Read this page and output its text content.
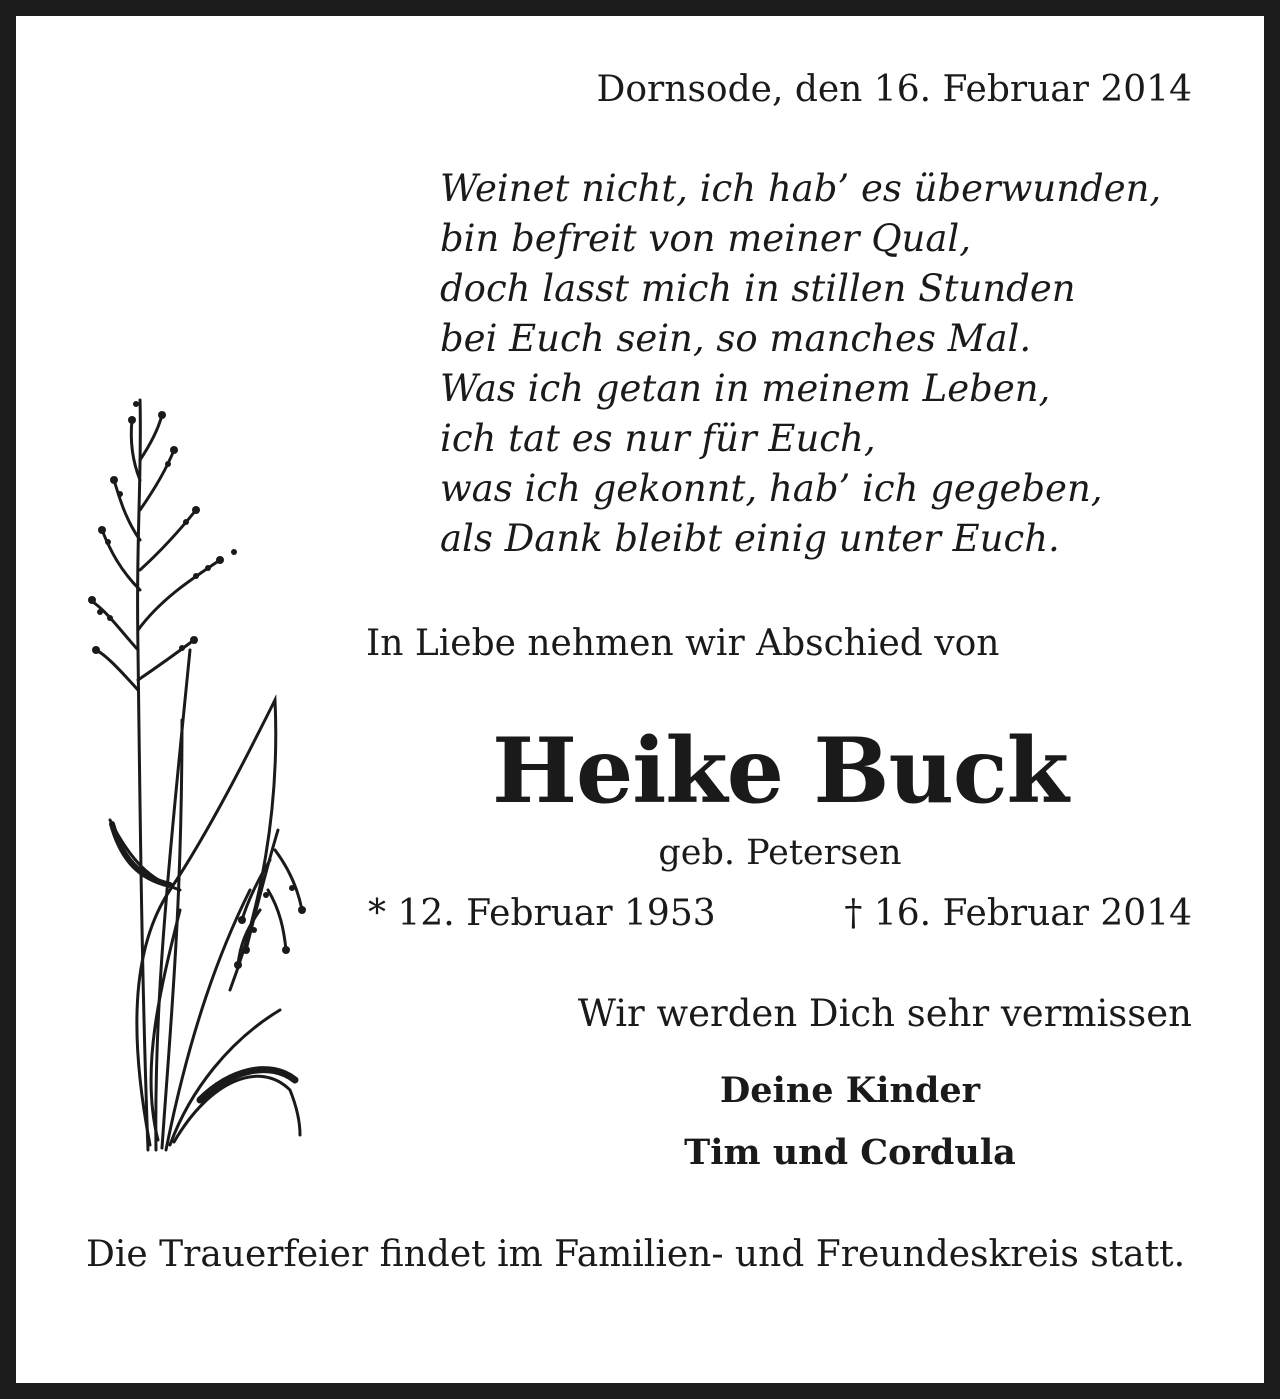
Dornsode, den 16. Februar 2014
Weinet nicht, ich hab’ es überwunden,
bin befreit von meiner Qual,
doch lasst mich in stillen Stunden
bei Euch sein, so manches Mal.
Was ich getan in meinem Leben,
ich tat es nur für Euch,
was ich gekonnt, hab’ ich gegeben,
als Dank bleibt einig unter Euch.
In Liebe nehmen wir Abschied von
Heike Buck
geb. Petersen
* 12. Februar 1953	† 16. Februar 2014
Wir werden Dich sehr vermissen
Deine Kinder
Tim und Cordula
Die Trauerfeier findet im Familien- und Freundeskreis statt.
